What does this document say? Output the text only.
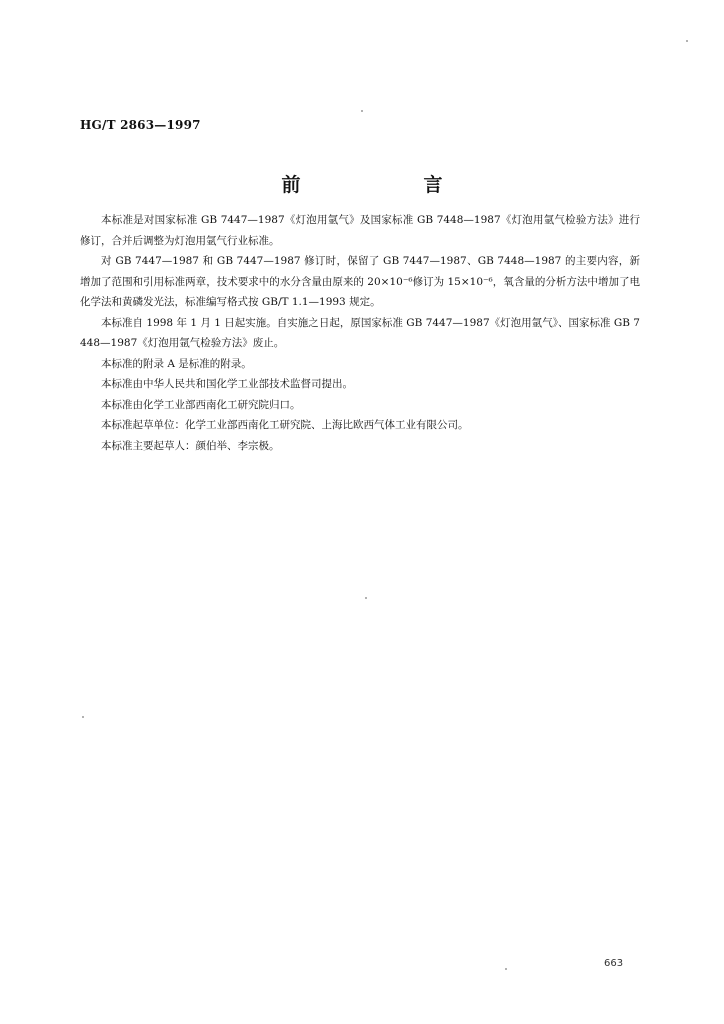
HG/T 2863—1997
前　言

本标准是对国家标准 GB 7447—1987《灯泡用氩气》及国家标准 GB 7448—1987《灯泡用氩气检验方法》进行修订，合并后调整为灯泡用氩气行业标准。

对 GB 7447—1987 和 GB 7447—1987 修订时，保留了 GB 7447—1987、GB 7448—1987 的主要内容，新增加了范围和引用标准两章，技术要求中的水分含量由原来的 20×10⁻⁶修订为 15×10⁻⁶，氧含量的分析方法中增加了电化学法和黄磷发光法，标准编写格式按 GB/T 1.1—1993 规定。

本标准自 1998 年 1 月 1 日起实施。自实施之日起，原国家标准 GB 7447—1987《灯泡用氩气》、国家标准 GB 7448—1987《灯泡用氩气检验方法》废止。

本标准的附录 A 是标准的附录。

本标准由中华人民共和国化学工业部技术监督司提出。

本标准由化学工业部西南化工研究院归口。

本标准起草单位：化学工业部西南化工研究院、上海比欧西气体工业有限公司。

本标准主要起草人：颜伯举、李宗极。

663
